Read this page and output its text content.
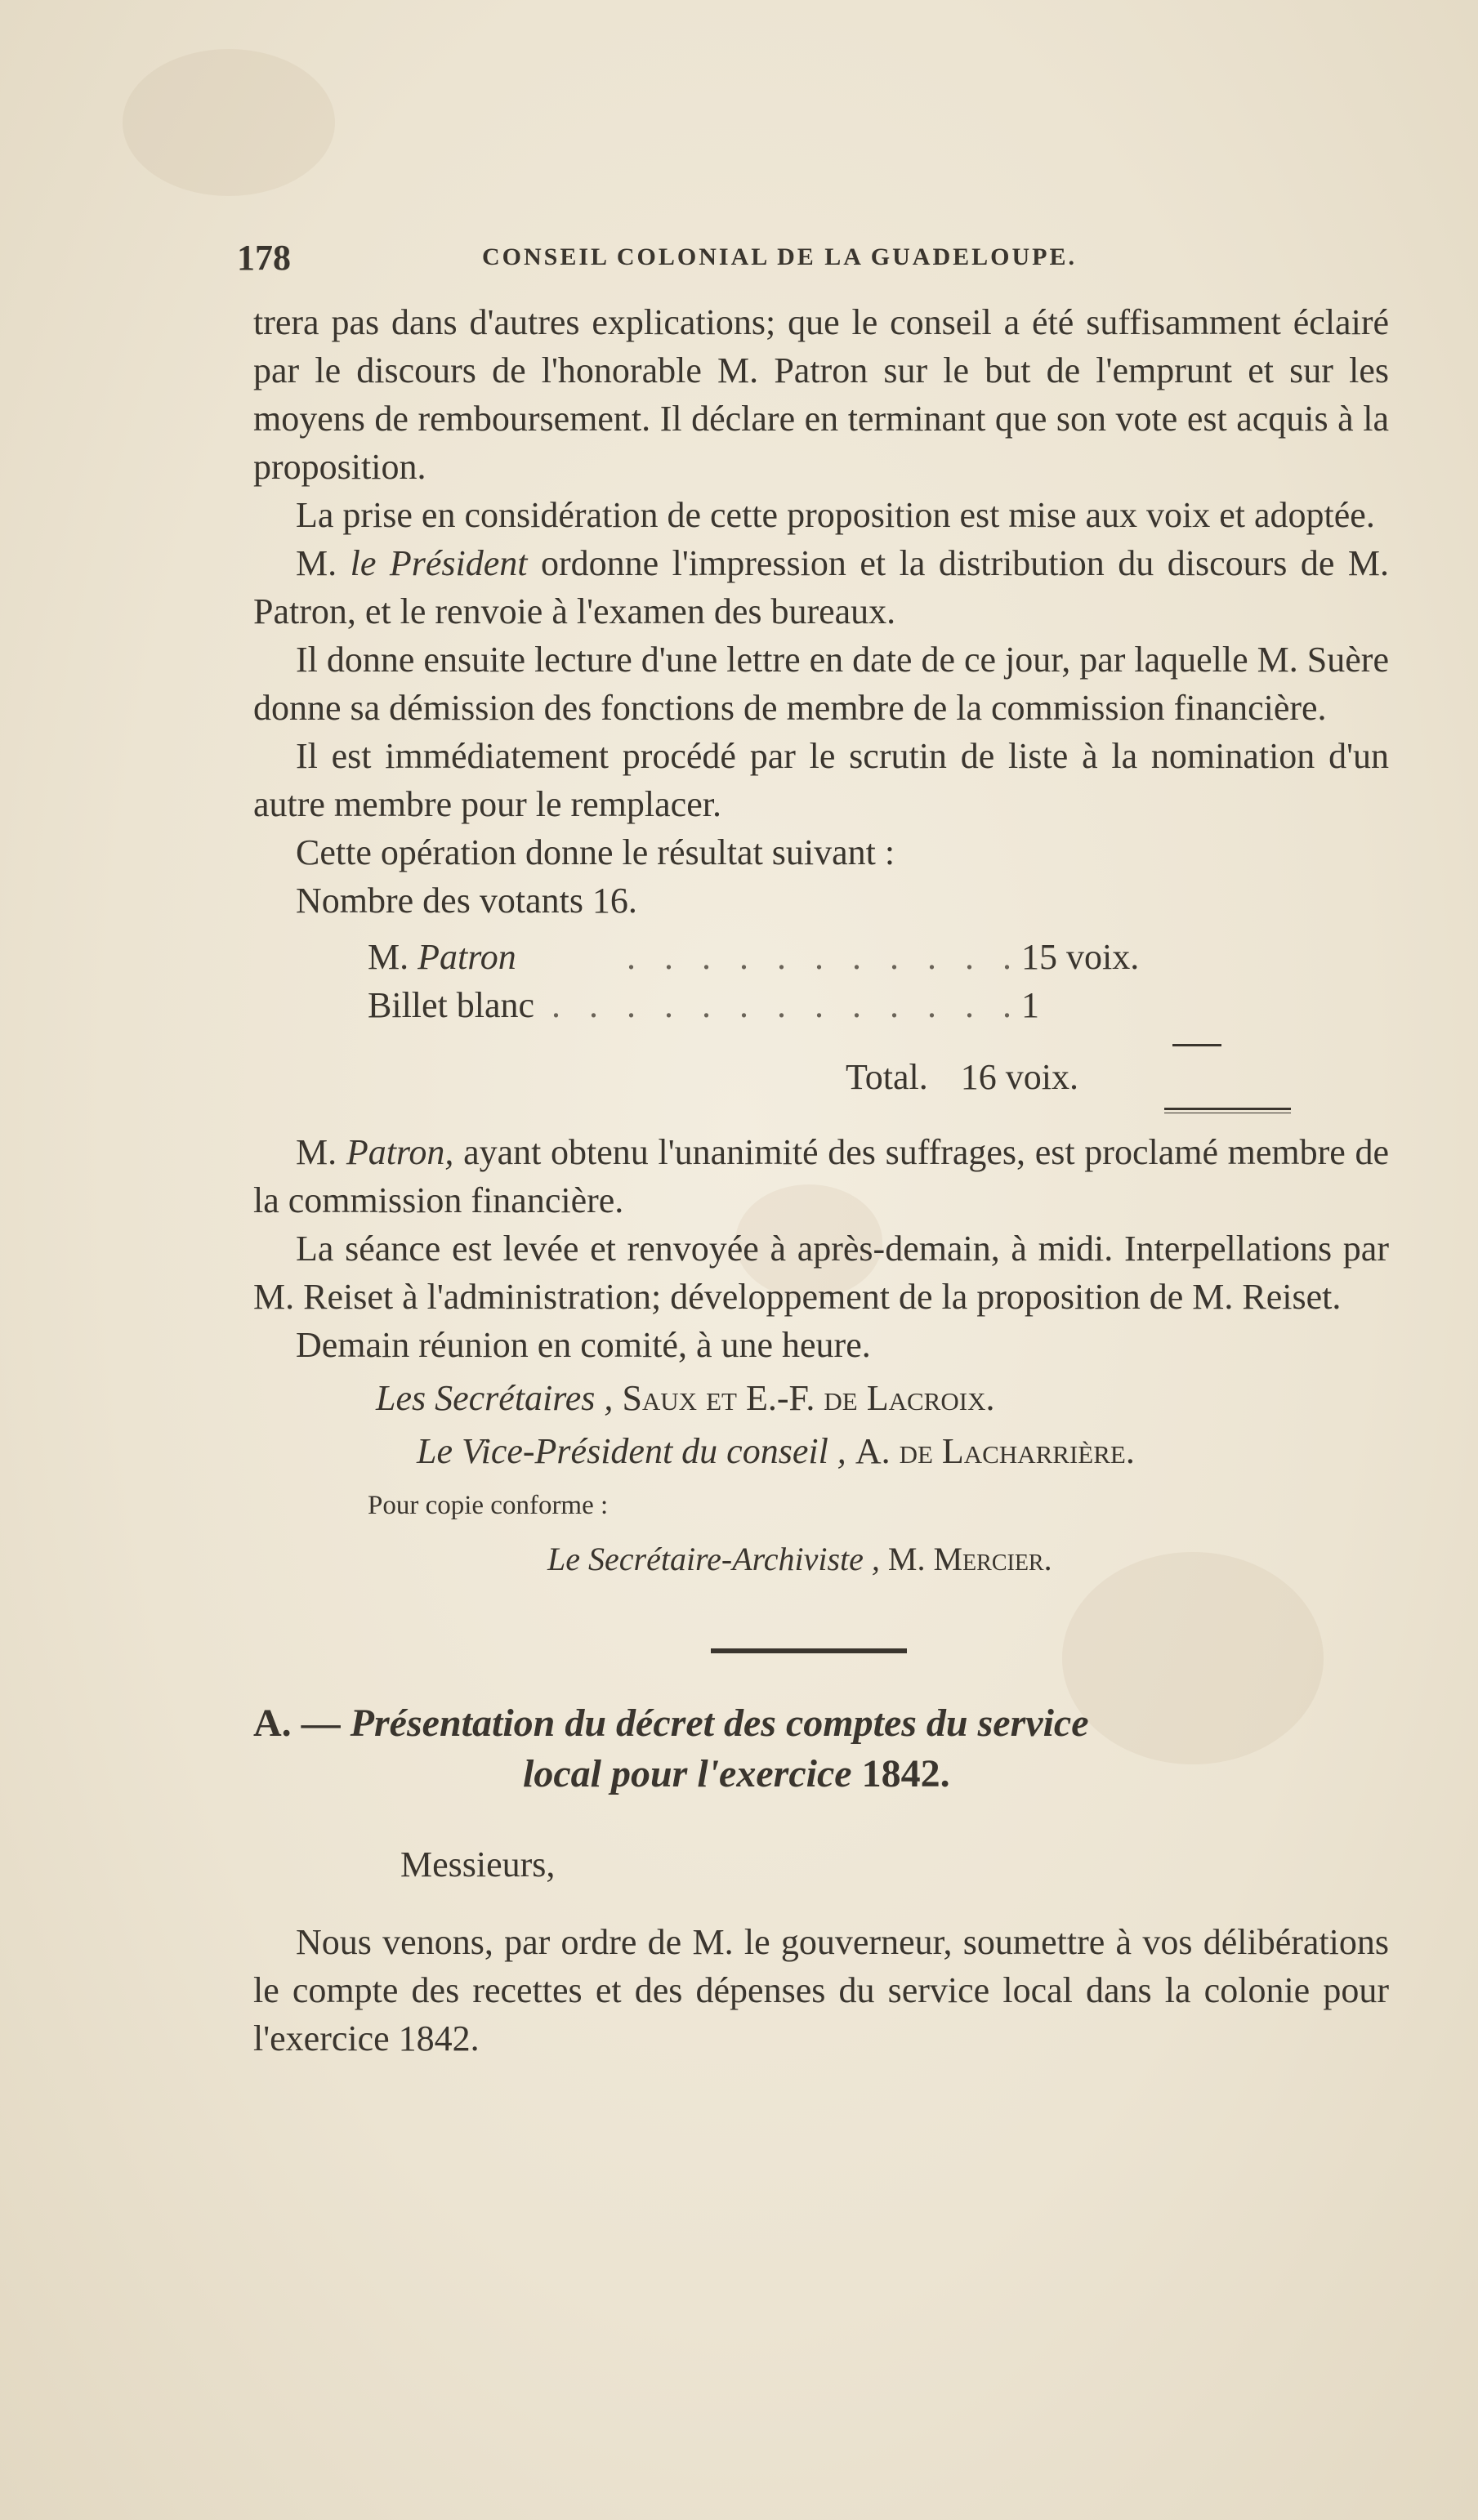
178	CONSEIL COLONIAL DE LA GUADELOUPE.

trera pas dans d'autres explications; que le conseil a été suffisamment éclairé par le discours de l'honorable M. Patron sur le but de l'emprunt et sur les moyens de remboursement. Il déclare en terminant que son vote est acquis à la proposition.

La prise en considération de cette proposition est mise aux voix et adoptée.

M. le Président ordonne l'impression et la distribution du discours de M. Patron, et le renvoie à l'examen des bureaux.

Il donne ensuite lecture d'une lettre en date de ce jour, par laquelle M. Suère donne sa démission des fonctions de membre de la commission financière.

Il est immédiatement procédé par le scrutin de liste à la nomination d'un autre membre pour le remplacer.

Cette opération donne le résultat suivant :

Nombre des votants 16.

M. Patron	. . . . . . . . . . . 15 voix.
Billet blanc . . . . . . . . . . . . . 1
Total. 16 voix.

M. Patron, ayant obtenu l'unanimité des suffrages, est proclamé membre de la commission financière.

La séance est levée et renvoyée à après-demain, à midi. Interpellations par M. Reiset à l'administration; développement de la proposition de M. Reiset.

Demain réunion en comité, à une heure.

Les Secrétaires , Saux et E.-F. de Lacroix.
Le Vice-Président du conseil , A. de Lacharrière.
Pour copie conforme :
Le Secrétaire-Archiviste , M. Mercier.
A. — Présentation du décret des comptes du service
local pour l'exercice 1842.
Messieurs,

Nous venons, par ordre de M. le gouverneur, soumettre à vos délibérations le compte des recettes et des dépenses du service local dans la colonie pour l'exercice 1842.
